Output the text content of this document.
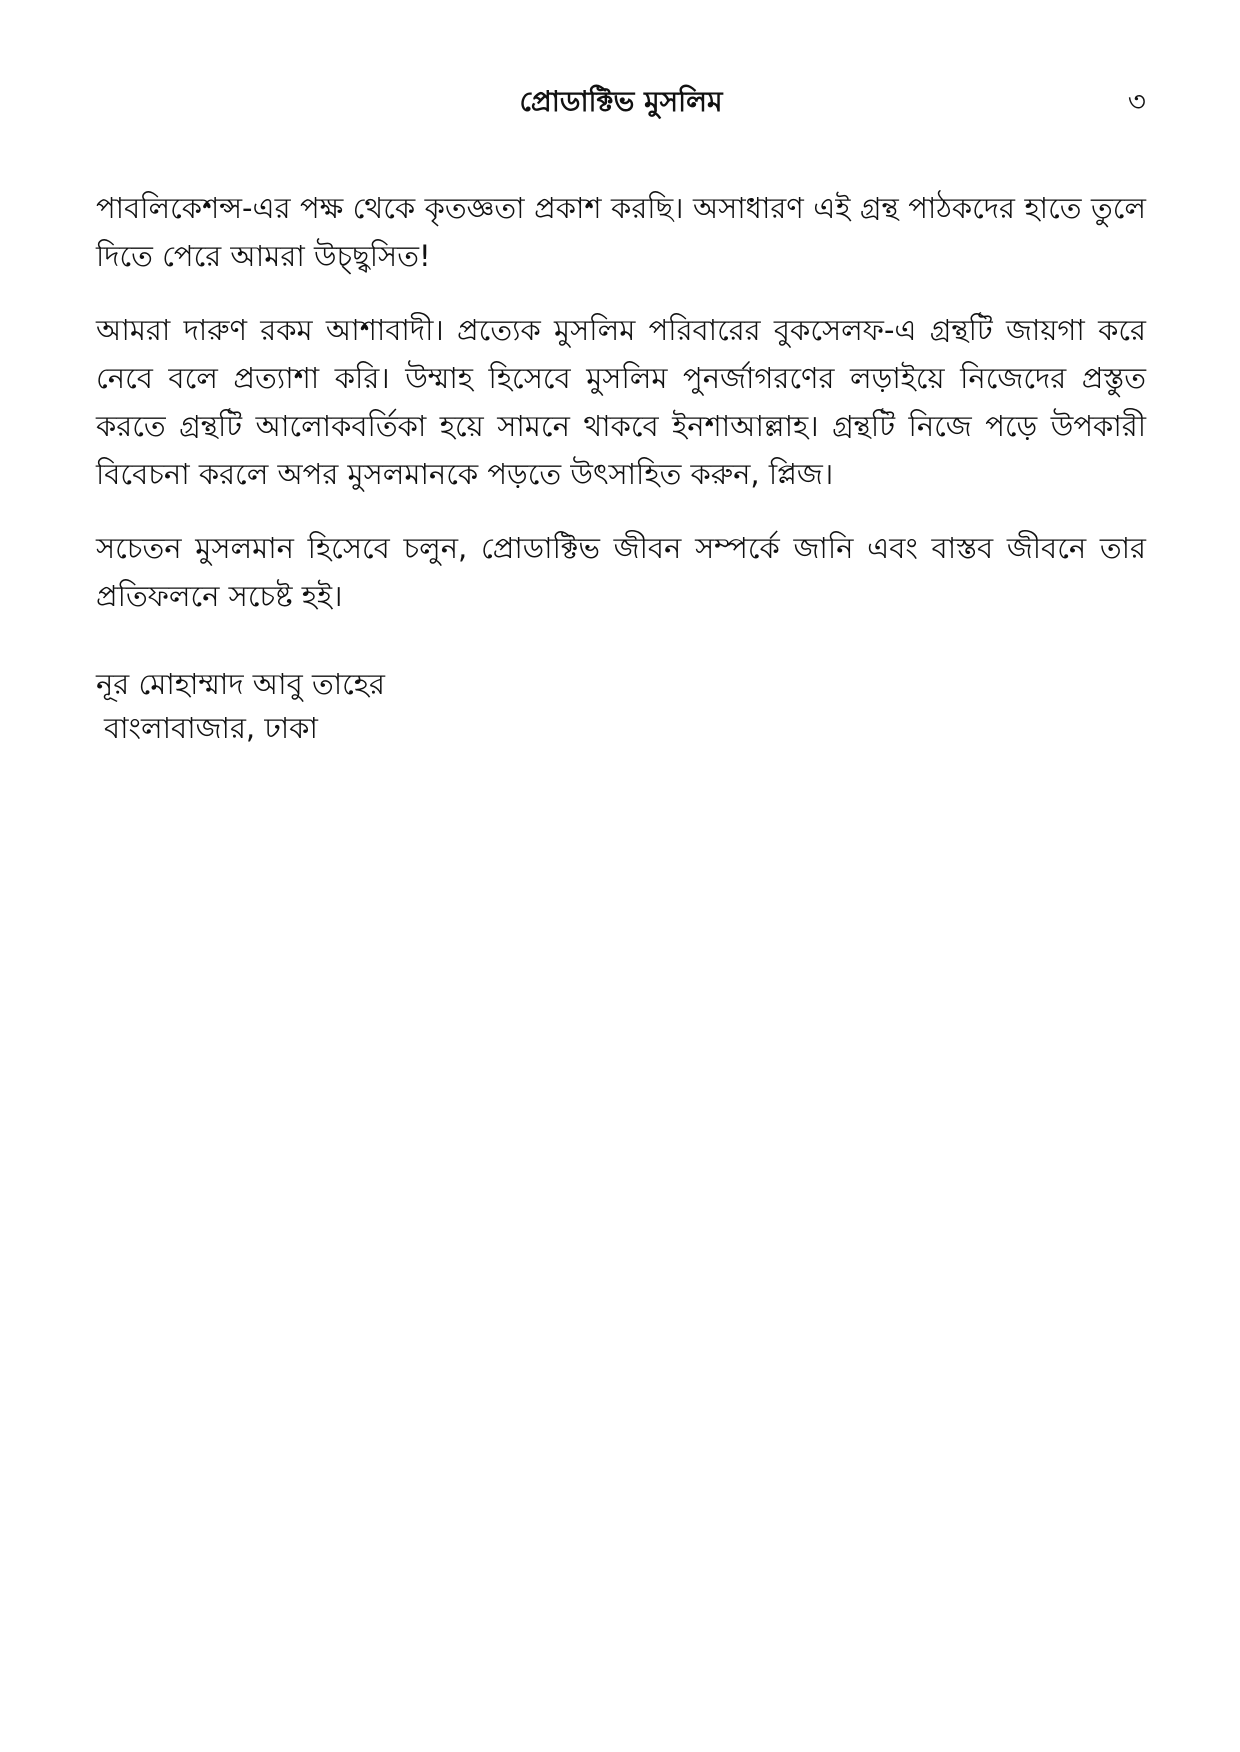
প্রোডাক্টিভ মুসলিম	৩

পাবলিকেশন্স-এর পক্ষ থেকে কৃতজ্ঞতা প্রকাশ করছি। অসাধারণ এই গ্রন্থ পাঠকদের হাতে তুলে দিতে পেরে আমরা উচ্ছ্বসিত!

আমরা দারুণ রকম আশাবাদী। প্রত্যেক মুসলিম পরিবারের বুকসেলফ-এ গ্রন্থটি জায়গা করে নেবে বলে প্রত্যাশা করি। উম্মাহ হিসেবে মুসলিম পুনর্জাগরণের লড়াইয়ে নিজেদের প্রস্তুত করতে গ্রন্থটি আলোকবর্তিকা হয়ে সামনে থাকবে ইনশাআল্লাহ। গ্রন্থটি নিজে পড়ে উপকারী বিবেচনা করলে অপর মুসলমানকে পড়তে উৎসাহিত করুন, প্লিজ।

সচেতন মুসলমান হিসেবে চলুন, প্রোডাক্টিভ জীবন সম্পর্কে জানি এবং বাস্তব জীবনে তার প্রতিফলনে সচেষ্ট হই।

নূর মোহাম্মাদ আবু তাহের
বাংলাবাজার, ঢাকা
